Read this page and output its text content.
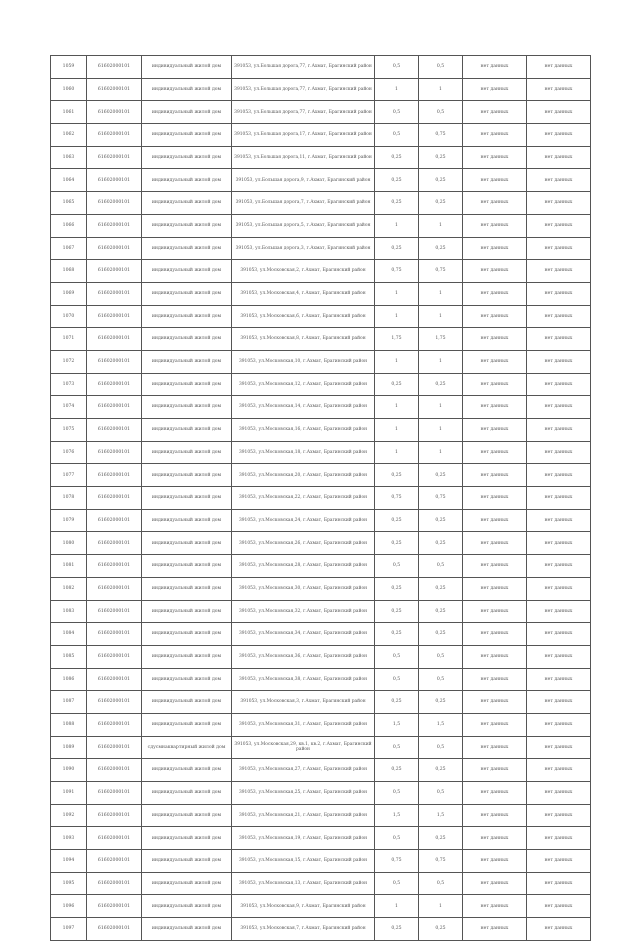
1059	61602000101	индивидуальный жилой дом	391053, ул.Большая дорога,77, г.Ахмат, Брагинский район	0,5	0,5	нет данных	нет данных
1060	61602000101	индивидуальный жилой дом	391053, ул.Большая дорога,77, г.Ахмат, Брагинский район	1	1	нет данных	нет данных
1061	61602000101	индивидуальный жилой дом	391053, ул.Большая дорога,77, г.Ахмат, Брагинский район	0,5	0,5	нет данных	нет данных
1062	61602000101	индивидуальный жилой дом	391053, ул.Большая дорога,17, г.Ахмат, Брагинский район	0,5	0,75	нет данных	нет данных
1063	61602000101	индивидуальный жилой дом	391053, ул.Большая дорога,11, г.Ахмат, Брагинский район	0,25	0,25	нет данных	нет данных
1064	61602000101	индивидуальный жилой дом	391053, ул.Большая дорога,9, г.Ахмат, Брагинский район	0,25	0,25	нет данных	нет данных
1065	61602000101	индивидуальный жилой дом	391053, ул.Большая дорога,7, г.Ахмат, Брагинский район	0,25	0,25	нет данных	нет данных
1066	61602000101	индивидуальный жилой дом	391053, ул.Большая дорога,5, г.Ахмат, Брагинский район	1	1	нет данных	нет данных
1067	61602000101	индивидуальный жилой дом	391053, ул.Большая дорога,3, г.Ахмат, Брагинский район	0,25	0,25	нет данных	нет данных
1068	61602000101	индивидуальный жилой дом	391053, ул.Московская,2, г.Ахмат, Брагинский район	0,75	0,75	нет данных	нет данных
1069	61602000101	индивидуальный жилой дом	391053, ул.Московская,4, г.Ахмат, Брагинский район	1	1	нет данных	нет данных
1070	61602000101	индивидуальный жилой дом	391053, ул.Московская,6, г.Ахмат, Брагинский район	1	1	нет данных	нет данных
1071	61602000101	индивидуальный жилой дом	391053, ул.Московская,8, г.Ахмат, Брагинский район	1,75	1,75	нет данных	нет данных
1072	61602000101	индивидуальный жилой дом	391053, ул.Московская,10, г.Ахмат, Брагинский район	1	1	нет данных	нет данных
1073	61602000101	индивидуальный жилой дом	391053, ул.Московская,12, г.Ахмат, Брагинский район	0,25	0,25	нет данных	нет данных
1074	61602000101	индивидуальный жилой дом	391053, ул.Московская,14, г.Ахмат, Брагинский район	1	1	нет данных	нет данных
1075	61602000101	индивидуальный жилой дом	391053, ул.Московская,16, г.Ахмат, Брагинский район	1	1	нет данных	нет данных
1076	61602000101	индивидуальный жилой дом	391053, ул.Московская,18, г.Ахмат, Брагинский район	1	1	нет данных	нет данных
1077	61602000101	индивидуальный жилой дом	391053, ул.Московская,20, г.Ахмат, Брагинский район	0,25	0,25	нет данных	нет данных
1078	61602000101	индивидуальный жилой дом	391053, ул.Московская,22, г.Ахмат, Брагинский район	0,75	0,75	нет данных	нет данных
1079	61602000101	индивидуальный жилой дом	391053, ул.Московская,24, г.Ахмат, Брагинский район	0,25	0,25	нет данных	нет данных
1080	61602000101	индивидуальный жилой дом	391053, ул.Московская,26, г.Ахмат, Брагинский район	0,25	0,25	нет данных	нет данных
1081	61602000101	индивидуальный жилой дом	391053, ул.Московская,28, г.Ахмат, Брагинский район	0,5	0,5	нет данных	нет данных
1082	61602000101	индивидуальный жилой дом	391053, ул.Московская,30, г.Ахмат, Брагинский район	0,25	0,25	нет данных	нет данных
1083	61602000101	индивидуальный жилой дом	391053, ул.Московская,32, г.Ахмат, Брагинский район	0,25	0,25	нет данных	нет данных
1084	61602000101	индивидуальный жилой дом	391053, ул.Московская,34, г.Ахмат, Брагинский район	0,25	0,25	нет данных	нет данных
1085	61602000101	индивидуальный жилой дом	391053, ул.Московская,36, г.Ахмат, Брагинский район	0,5	0,5	нет данных	нет данных
1086	61602000101	индивидуальный жилой дом	391053, ул.Московская,38, г.Ахмат, Брагинский район	0,5	0,5	нет данных	нет данных
1087	61602000101	индивидуальный жилой дом	391053, ул.Московская,3, г.Ахмат, Брагинский район	0,25	0,25	нет данных	нет данных
1088	61602000101	индивидуальный жилой дом	391053, ул.Московская,31, г.Ахмат, Брагинский район	1,5	1,5	нет данных	нет данных
1089	61602000101	сдусмнаквартирный жилой дом	391053, ул.Московская,29, кв.1, кв.2, г.Ахмат, Брагинский район	0,5	0,5	нет данных	нет данных
1090	61602000101	индивидуальный жилой дом	391053, ул.Московская,27, г.Ахмат, Брагинский район	0,25	0,25	нет данных	нет данных
1091	61602000101	индивидуальный жилой дом	391053, ул.Московская,25, г.Ахмат, Брагинский район	0,5	0,5	нет данных	нет данных
1092	61602000101	индивидуальный жилой дом	391053, ул.Московская,21, г.Ахмат, Брагинский район	1,5	1,5	нет данных	нет данных
1093	61602000101	индивидуальный жилой дом	391053, ул.Московская,19, г.Ахмат, Брагинский район	0,5	0,25	нет данных	нет данных
1094	61602000101	индивидуальный жилой дом	391053, ул.Московская,15, г.Ахмат, Брагинский район	0,75	0,75	нет данных	нет данных
1095	61602000101	индивидуальный жилой дом	391053, ул.Московская,13, г.Ахмат, Брагинский район	0,5	0,5	нет данных	нет данных
1096	61602000101	индивидуальный жилой дом	391053, ул.Московская,9, г.Ахмат, Брагинский район	1	1	нет данных	нет данных
1097	61602000101	индивидуальный жилой дом	391053, ул.Московская,7, г.Ахмат, Брагинский район	0,25	0,25	нет данных	нет данных
